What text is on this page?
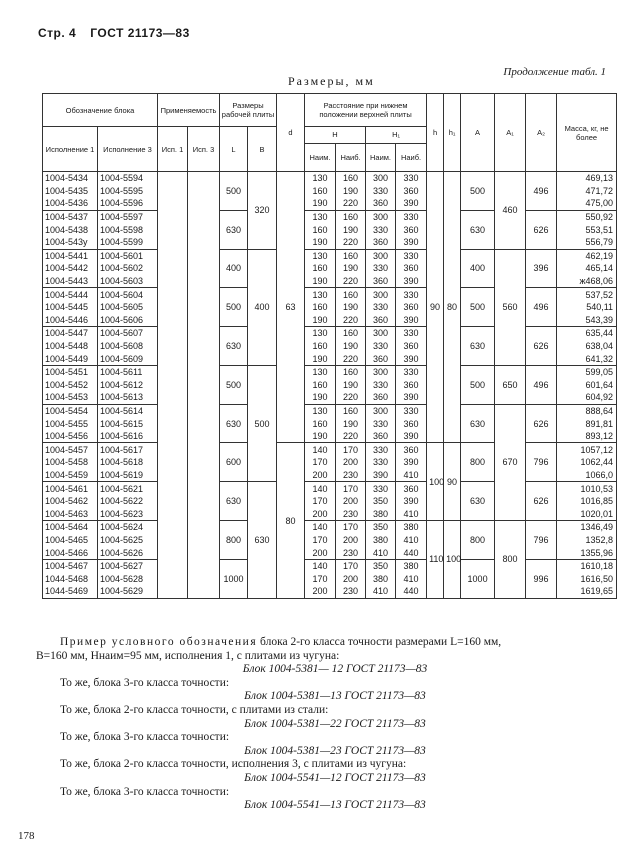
Стр. 4 ГОСТ 21173—83
Размеры, мм
Продолжение табл. 1
Обозначение блока		Применяемость		Размеры рабочей плиты		d	Расстояние при нижнем положении верхней плиты				h	h₁	A	A₁	A₂	Масса, кг, не более
Исполнение 1	Исполнение 3	Исп. 1	Исп. 3	L	B		H		H₁							
							Наим.	Наиб.	Наим.	Наиб.						
1004-5434	1004-5594			500	320	63	130	160	300	330	90	80	500	460	496	469,13
1004-5435	1004-5595						160	190	330	360						471,72
1004-5436	1004-5596						190	220	360	390						475,00
1004-5437	1004-5597			630			130	160	300	330			630		626	550,92
1004-5438	1004-5598						160	190	330	360						553,51
1004-543у	1004-5599						190	220	360	390						556,79
1004-5441	1004-5601			400	400		130	160	300	330			400	560	396	462,19
1004-5442	1004-5602						160	190	330	360						465,14
1004-5443	1004-5603						190	220	360	390						ж468,06
1004-5444	1004-5604			500			130	160	300	330			500		496	537,52
1004-5445	1004-5605						160	190	330	360						540,11
1004-5446	1004-5606						190	220	360	390						543,39
1004-5447	1004-5607			630			130	160	300	330			630		626	635,44
1004-5448	1004-5608						160	190	330	360						638,04
1004-5449	1004-5609						190	220	360	390						641,32
1004-5451	1004-5611			500	500		130	160	300	330			500	650	496	599,05
1004-5452	1004-5612						160	190	330	360						601,64
1004-5453	1004-5613						190	220	360	390						604,92
1004-5454	1004-5614			630			130	160	300	330			630	670	626	888,64
1004-5455	1004-5615						160	190	330	360						891,81
1004-5456	1004-5616						190	220	360	390						893,12
1004-5457	1004-5617			600		80	140	170	330	360	100	90	800		796	1057,12
1004-5458	1004-5618						170	200	330	390						1062,44
1004-5459	1004-5619						200	230	390	410						1066,0
1004-5461	1004-5621			630	630		140	170	330	360			630		626	1010,53
1004-5462	1004-5622						170	200	350	390						1016,85
1004-5463	1004-5623						200	230	380	410						1020,01
1004-5464	1004-5624			800			140	170	350	380	110	100	800	800	796	1346,49
1004-5465	1004-5625						170	200	380	410						1352,8
1004-5466	1004-5626						200	230	410	440						1355,96
1004-5467	1004-5627			1000			140	170	350	380			1000		996	1610,18
1044-5468	1004-5628						170	200	380	410						1616,50
1044-5469	1004-5629						200	230	410	440						1619,65

Пример условного обозначения блока 2-го класса точности размерами L=160 мм,

B=160 мм, Hнаим=95 мм, исполнения 1, с плитами из чугуна:

Блок 1004-5381— 12 ГОСТ 21173—83

То же, блока 3-го класса точности:

Блок 1004-5381—13 ГОСТ 21173—83

То же, блока 2-го класса точности, с плитами из стали:

Блок 1004-5381—22 ГОСТ 21173—83

То же, блока 3-го класса точности:

Блок 1004-5381—23 ГОСТ 21173—83

То же, блока 2-го класса точности, исполнения 3, с плитами из чугуна:

Блок 1004-5541—12 ГОСТ 21173—83

То же, блока 3-го класса точности:

Блок 1004-5541—13 ГОСТ 21173—83

178
